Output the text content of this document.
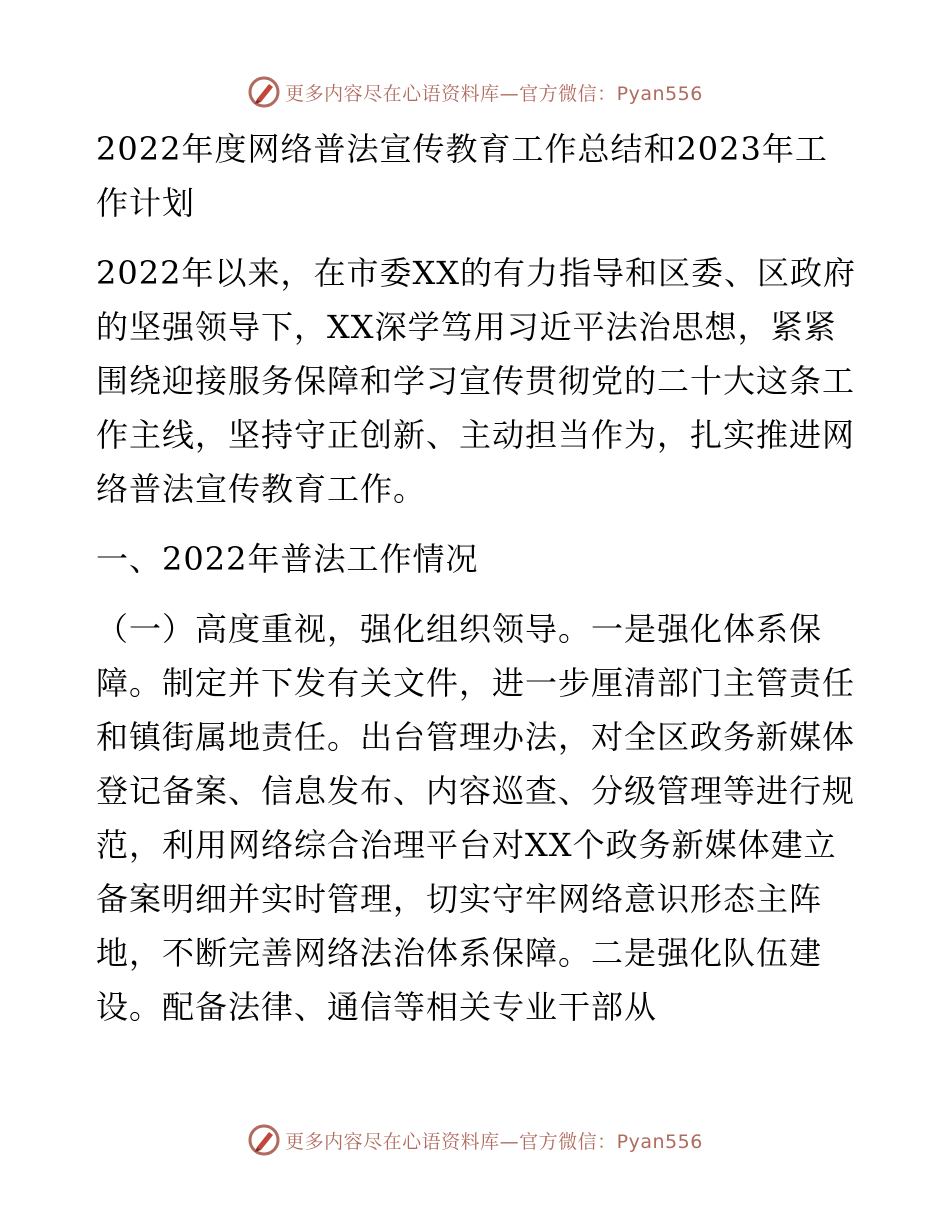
更多内容尽在心语资料库—官方微信：Pyan556

2022年度网络普法宣传教育工作总结和2023年工作计划

2022年以来，在市委XX的有力指导和区委、区政府的坚强领导下，XX深学笃用习近平法治思想，紧紧围绕迎接服务保障和学习宣传贯彻党的二十大这条工作主线，坚持守正创新、主动担当作为，扎实推进网络普法宣传教育工作。

一、2022年普法工作情况

（一）高度重视，强化组织领导。一是强化体系保障。制定并下发有关文件，进一步厘清部门主管责任和镇街属地责任。出台管理办法，对全区政务新媒体登记备案、信息发布、内容巡查、分级管理等进行规范，利用网络综合治理平台对XX个政务新媒体建立备案明细并实时管理，切实守牢网络意识形态主阵地，不断完善网络法治体系保障。二是强化队伍建设。配备法律、通信等相关专业干部从

更多内容尽在心语资料库—官方微信：Pyan556
